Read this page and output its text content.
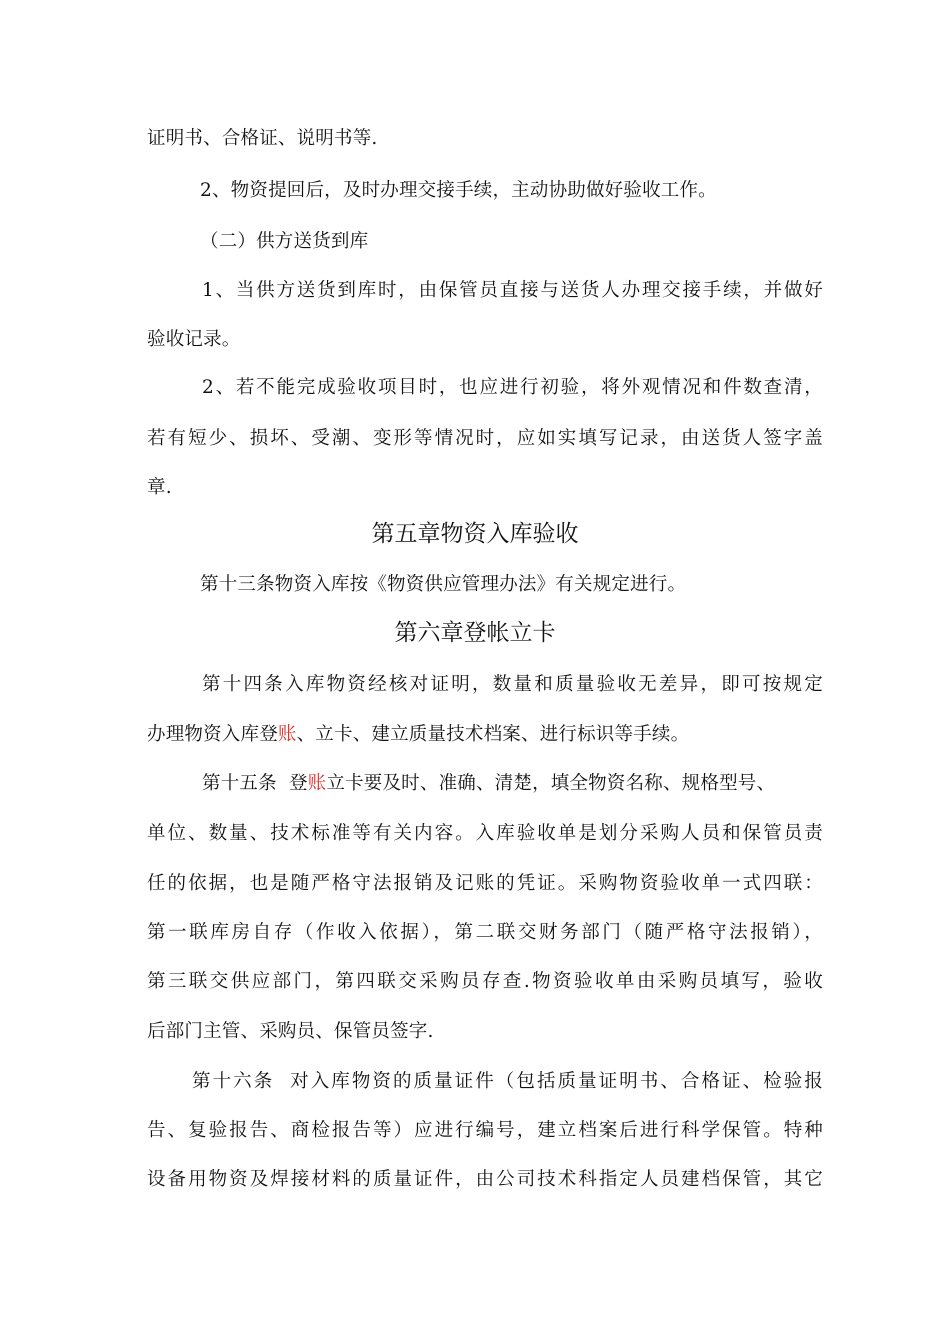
证明书、合格证、说明书等.
2、物资提回后，及时办理交接手续，主动协助做好验收工作。
（二）供方送货到库
1、当供方送货到库时，由保管员直接与送货人办理交接手续，并做好
验收记录。
2、若不能完成验收项目时，也应进行初验，将外观情况和件数查清，
若有短少、损坏、受潮、变形等情况时，应如实填写记录，由送货人签字盖
章.
第五章物资入库验收
第十三条物资入库按《物资供应管理办法》有关规定进行。
第六章登帐立卡
第十四条入库物资经核对证明，数量和质量验收无差异，即可按规定
办理物资入库登账、立卡、建立质量技术档案、进行标识等手续。
第十五条  登账立卡要及时、准确、清楚，填全物资名称、规格型号、
单位、数量、技术标准等有关内容。入库验收单是划分采购人员和保管员责
任的依据，也是随严格守法报销及记账的凭证。采购物资验收单一式四联：
第一联库房自存（作收入依据），第二联交财务部门（随严格守法报销），
第三联交供应部门，第四联交采购员存查.物资验收单由采购员填写，验收
后部门主管、采购员、保管员签字.
第十六条  对入库物资的质量证件（包括质量证明书、合格证、检验报
告、复验报告、商检报告等）应进行编号，建立档案后进行科学保管。特种
设备用物资及焊接材料的质量证件，由公司技术科指定人员建档保管，其它
